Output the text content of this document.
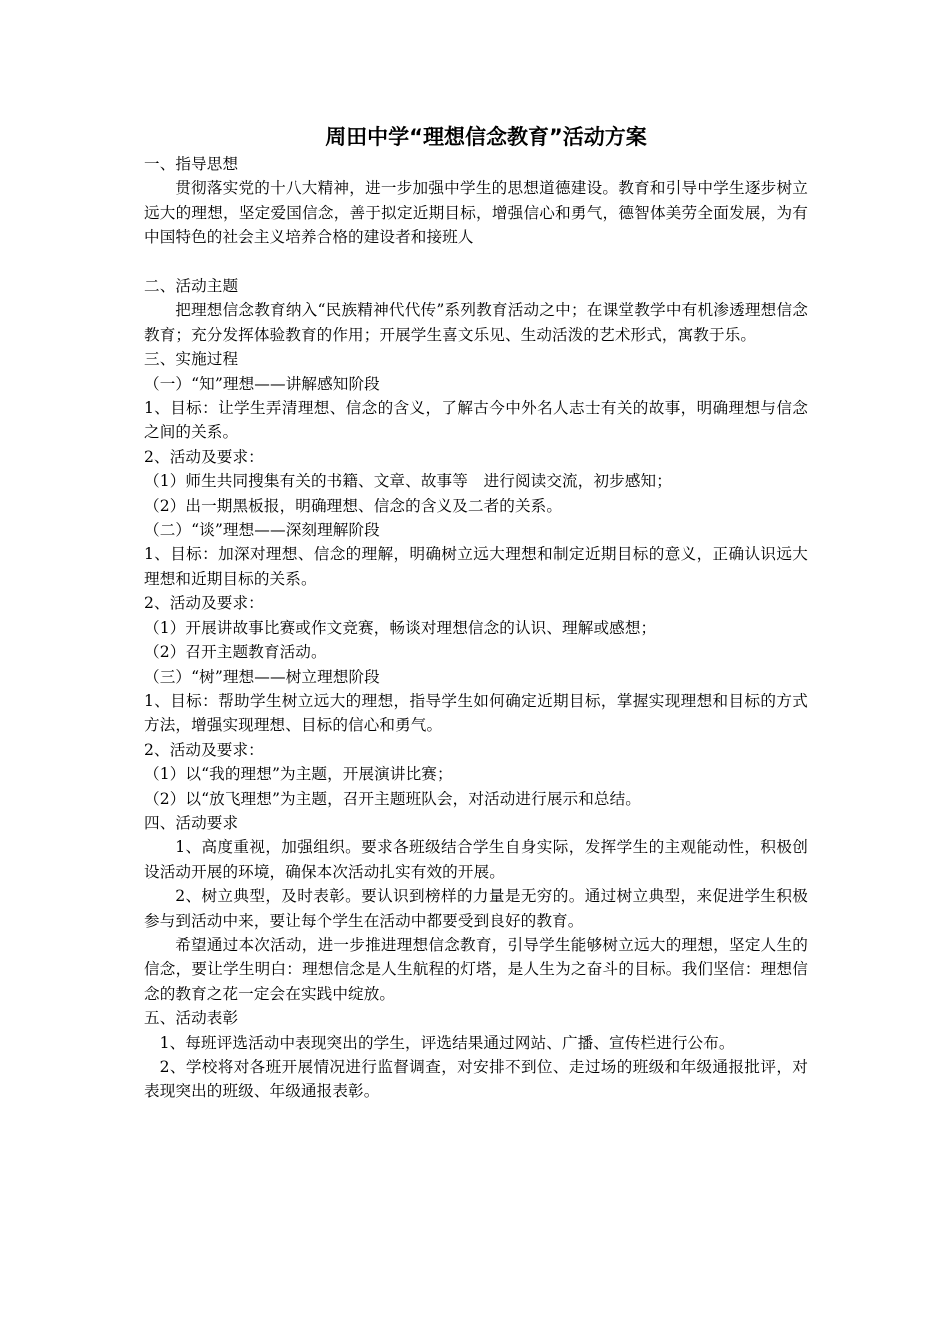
周田中学“理想信念教育”活动方案

一、指导思想

贯彻落实党的十八大精神，进一步加强中学生的思想道德建设。教育和引导中学生逐步树立远大的理想，坚定爱国信念，善于拟定近期目标，增强信心和勇气，德智体美劳全面发展，为有中国特色的社会主义培养合格的建设者和接班人

二、活动主题

把理想信念教育纳入“民族精神代代传”系列教育活动之中；在课堂教学中有机渗透理想信念教育；充分发挥体验教育的作用；开展学生喜文乐见、生动活泼的艺术形式，寓教于乐。

三、实施过程

（一）“知”理想——讲解感知阶段

1、目标：让学生弄清理想、信念的含义，了解古今中外名人志士有关的故事，明确理想与信念之间的关系。

2、活动及要求：

（1）师生共同搜集有关的书籍、文章、故事等　进行阅读交流，初步感知；

（2）出一期黑板报，明确理想、信念的含义及二者的关系。

（二）“谈”理想——深刻理解阶段

1、目标：加深对理想、信念的理解，明确树立远大理想和制定近期目标的意义，正确认识远大理想和近期目标的关系。

2、活动及要求：

（1）开展讲故事比赛或作文竞赛，畅谈对理想信念的认识、理解或感想；

（2）召开主题教育活动。

（三）“树”理想——树立理想阶段

1、目标：帮助学生树立远大的理想，指导学生如何确定近期目标，掌握实现理想和目标的方式方法，增强实现理想、目标的信心和勇气。

2、活动及要求：

（1）以“我的理想”为主题，开展演讲比赛；

（2）以“放飞理想”为主题，召开主题班队会，对活动进行展示和总结。

四、活动要求

1、高度重视，加强组织。要求各班级结合学生自身实际，发挥学生的主观能动性，积极创设活动开展的环境，确保本次活动扎实有效的开展。

2、树立典型，及时表彰。要认识到榜样的力量是无穷的。通过树立典型，来促进学生积极参与到活动中来，要让每个学生在活动中都要受到良好的教育。

希望通过本次活动，进一步推进理想信念教育，引导学生能够树立远大的理想，坚定人生的信念，要让学生明白：理想信念是人生航程的灯塔，是人生为之奋斗的目标。我们坚信：理想信念的教育之花一定会在实践中绽放。

五、活动表彰

1、每班评选活动中表现突出的学生，评选结果通过网站、广播、宣传栏进行公布。

2、学校将对各班开展情况进行监督调查，对安排不到位、走过场的班级和年级通报批评，对表现突出的班级、年级通报表彰。
